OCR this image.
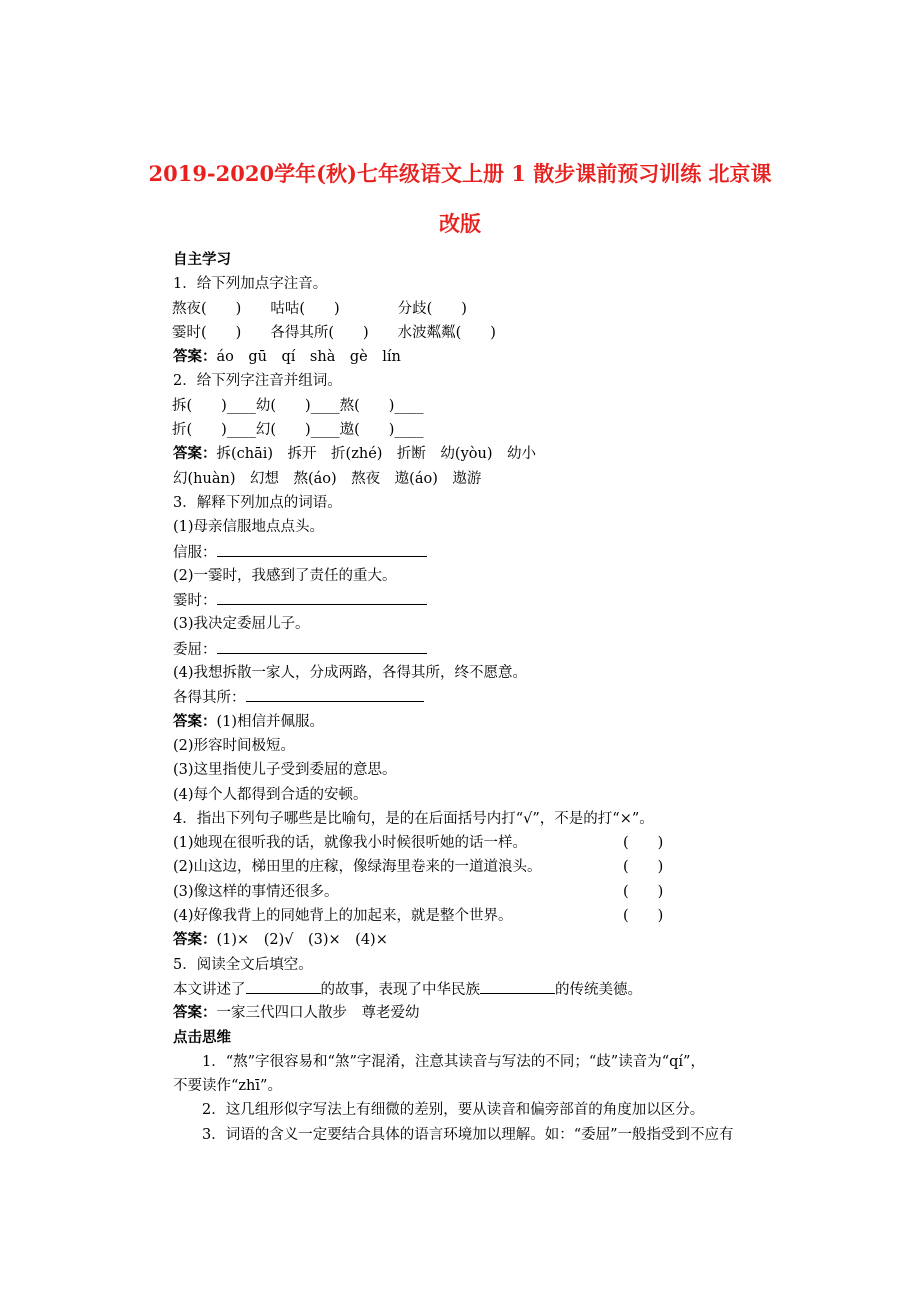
2019-2020学年(秋)七年级语文上册 1 散步课前预习训练 北京课
改版
自主学习
1．给下列加点字注音。
熬夜(　　)　　咕咕(　　)　　　　分歧(　　)
霎时(　　)　　各得其所(　　)　　水波粼粼(　　)
答案：áo　gū　qí　shà　gè　lín
2．给下列字注音并组词。
拆(　　)____幼(　　)____熬(　　)____
折(　　)____幻(　　)____遨(　　)____
答案：拆(chāi)　拆开　折(zhé)　折断　幼(yòu)　幼小
幻(huàn)　幻想　熬(áo)　熬夜　遨(áo)　遨游
3．解释下列加点的词语。
(1)母亲信服地点点头。
信服：
(2)一霎时，我感到了责任的重大。
霎时：
(3)我决定委屈儿子。
委屈：
(4)我想拆散一家人，分成两路，各得其所，终不愿意。
各得其所：
答案：(1)相信并佩服。
(2)形容时间极短。
(3)这里指使儿子受到委屈的意思。
(4)每个人都得到合适的安顿。
4．指出下列句子哪些是比喻句，是的在后面括号内打“√”，不是的打“×”。
(1)她现在很听我的话，就像我小时候很听她的话一样。	(　　)
(2)山这边，梯田里的庄稼，像绿海里卷来的一道道浪头。	(　　)
(3)像这样的事情还很多。	(　　)
(4)好像我背上的同她背上的加起来，就是整个世界。	(　　)
答案：(1)×　(2)√　(3)×　(4)×
5．阅读全文后填空。
本文讲述了	的故事，表现了中华民族	的传统美德。
答案：一家三代四口人散步　尊老爱幼
点击思维
1．“熬”字很容易和“煞”字混淆，注意其读音与写法的不同；“歧”读音为“qí”，
不要读作“zhī”。
2．这几组形似字写法上有细微的差别，要从读音和偏旁部首的角度加以区分。
3．词语的含义一定要结合具体的语言环境加以理解。如：“委屈”一般指受到不应有
